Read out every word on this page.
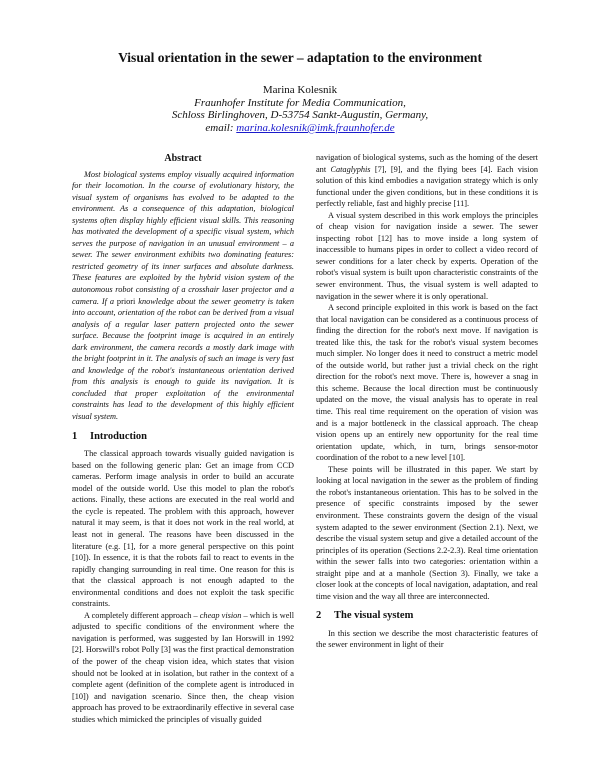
Visual orientation in the sewer – adaptation to the environment
Marina Kolesnik
Fraunhofer Institute for Media Communication,
Schloss Birlinghoven, D-53754 Sankt-Augustin, Germany,
email: marina.kolesnik@imk.fraunhofer.de
Abstract

Most biological systems employ visually acquired information for their locomotion. In the course of evolutionary history, the visual system of organisms has evolved to be adapted to the environment. As a consequence of this adaptation, biological systems often display highly efficient visual skills. This reasoning has motivated the development of a specific visual system, which serves the purpose of navigation in an unusual environment – a sewer. The sewer environment exhibits two dominating features: restricted geometry of its inner surfaces and absolute darkness. These features are exploited by the hybrid vision system of the autonomous robot consisting of a crosshair laser projector and a camera. If a priori knowledge about the sewer geometry is taken into account, orientation of the robot can be derived from a visual analysis of a regular laser pattern projected onto the sewer surface. Because the footprint image is acquired in an entirely dark environment, the camera records a mostly dark image with the bright footprint in it. The analysis of such an image is very fast and knowledge of the robot's instantaneous orientation derived from this analysis is enough to guide its navigation. It is concluded that proper exploitation of the environmental constraints has lead to the development of this highly efficient visual system.

1 Introduction

The classical approach towards visually guided navigation is based on the following generic plan: Get an image from CCD cameras. Perform image analysis in order to build an accurate model of the outside world. Use this model to plan the robot's actions. Finally, these actions are executed in the real world and the cycle is repeated. The problem with this approach, however natural it may seem, is that it does not work in the real world, at least not in general. The reasons have been discussed in the literature (e.g. [1], for a more general perspective on this point [10]). In essence, it is that the robots fail to react to events in the rapidly changing surrounding in real time. One reason for this is that the classical approach is not enough adapted to the environmental conditions and does not exploit the task specific constraints.

A completely different approach – cheap vision – which is well adjusted to specific conditions of the environment where the navigation is performed, was suggested by Ian Horswill in 1992 [2]. Horswill's robot Polly [3] was the first practical demonstration of the power of the cheap vision idea, which states that vision should not be looked at in isolation, but rather in the context of a complete agent (definition of the complete agent is introduced in [10]) and navigation scenario. Since then, the cheap vision approach has proved to be extraordinarily effective in several case studies which mimicked the principles of visually guided

navigation of biological systems, such as the homing of the desert ant Cataglyphis [7], [9], and the flying bees [4]. Each vision solution of this kind embodies a navigation strategy which is only functional under the given conditions, but in these conditions it is perfectly reliable, fast and highly precise [11].

A visual system described in this work employs the principles of cheap vision for navigation inside a sewer. The sewer inspecting robot [12] has to move inside a long system of inaccessible to humans pipes in order to collect a video record of sewer conditions for a later check by experts. Operation of the robot's visual system is built upon characteristic constraints of the sewer environment. Thus, the visual system is well adapted to navigation in the sewer where it is only operational.

A second principle exploited in this work is based on the fact that local navigation can be considered as a continuous process of finding the direction for the robot's next move. If navigation is treated like this, the task for the robot's visual system becomes much simpler. No longer does it need to construct a metric model of the outside world, but rather just a trivial check on the right direction for the robot's next move. There is, however a snag in this scheme. Because the local direction must be continuously updated on the move, the visual analysis has to operate in real time. This real time requirement on the operation of vision was and is a major bottleneck in the classical approach. The cheap vision opens up an entirely new opportunity for the real time orientation update, which, in turn, brings sensor-motor coordination of the robot to a new level [10].

These points will be illustrated in this paper. We start by looking at local navigation in the sewer as the problem of finding the robot's instantaneous orientation. This has to be solved in the presence of specific constraints imposed by the sewer environment. These constraints govern the design of the visual system adapted to the sewer environment (Section 2.1). Next, we describe the visual system setup and give a detailed account of the principles of its operation (Sections 2.2-2.3). Real time orientation within the sewer falls into two categories: orientation within a straight pipe and at a manhole (Section 3). Finally, we take a closer look at the concepts of local navigation, adaptation, and real time vision and the way all three are interconnected.

2 The visual system

In this section we describe the most characteristic features of the sewer environment in light of their
